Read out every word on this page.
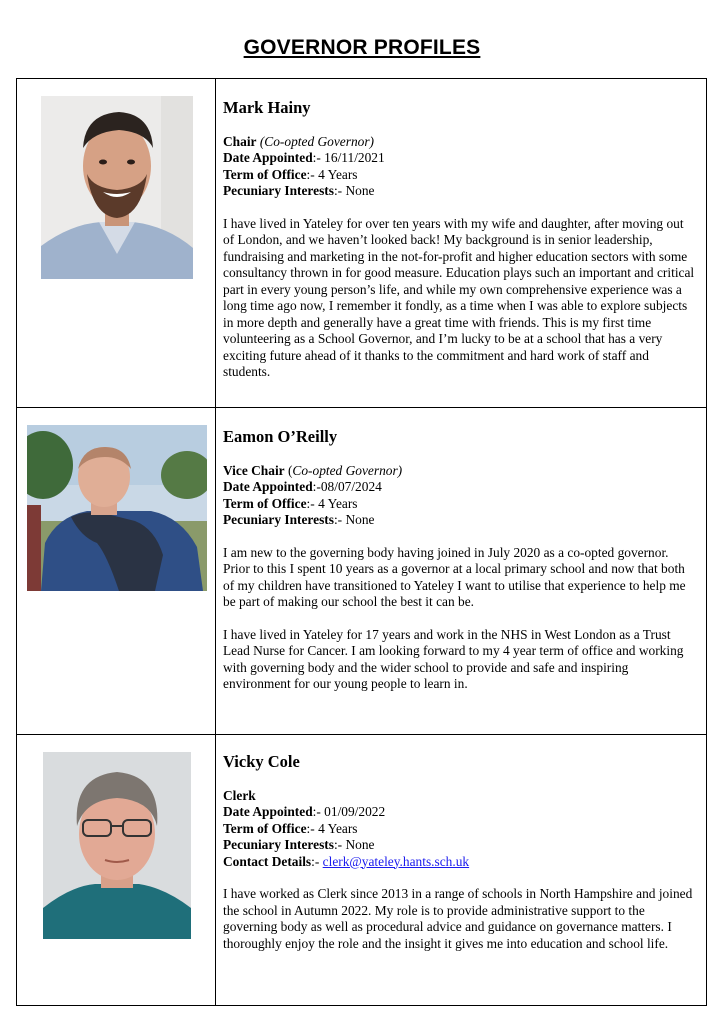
GOVERNOR PROFILES

Mark Hainy

Chair (Co-opted Governor)

Date Appointed:- 16/11/2021

Term of Office:- 4 Years

Pecuniary Interests:- None

I have lived in Yateley for over ten years with my wife and daughter, after moving out of London, and we haven’t looked back! My background is in senior leadership, fundraising and marketing in the not-for-profit and higher education sectors with some consultancy thrown in for good measure. Education plays such an important and critical part in every young person’s life, and while my own comprehensive experience was a long time ago now, I remember it fondly, as a time when I was able to explore subjects in more depth and generally have a great time with friends. This is my first time volunteering as a School Governor, and I’m lucky to be at a school that has a very exciting future ahead of it thanks to the commitment and hard work of staff and students.

Eamon O’Reilly

Vice Chair (Co-opted Governor)

Date Appointed:-08/07/2024

Term of Office:- 4 Years

Pecuniary Interests:- None

I am new to the governing body having joined in July 2020 as a co-opted governor. Prior to this I spent 10 years as a governor at a local primary school and now that both of my children have transitioned to Yateley I want to utilise that experience to help me be part of making our school the best it can be.

I have lived in Yateley for 17 years and work in the NHS in West London as a Trust Lead Nurse for Cancer. I am looking forward to my 4 year term of office and working with governing body and the wider school to provide and safe and inspiring environment for our young people to learn in.

Vicky Cole

Clerk

Date Appointed:- 01/09/2022

Term of Office:- 4 Years

Pecuniary Interests:- None

Contact Details:- clerk@yateley.hants.sch.uk

I have worked as Clerk since 2013 in a range of schools in North Hampshire and joined the school in Autumn 2022. My role is to provide administrative support to the governing body as well as procedural advice and guidance on governance matters. I thoroughly enjoy the role and the insight it gives me into education and school life.
